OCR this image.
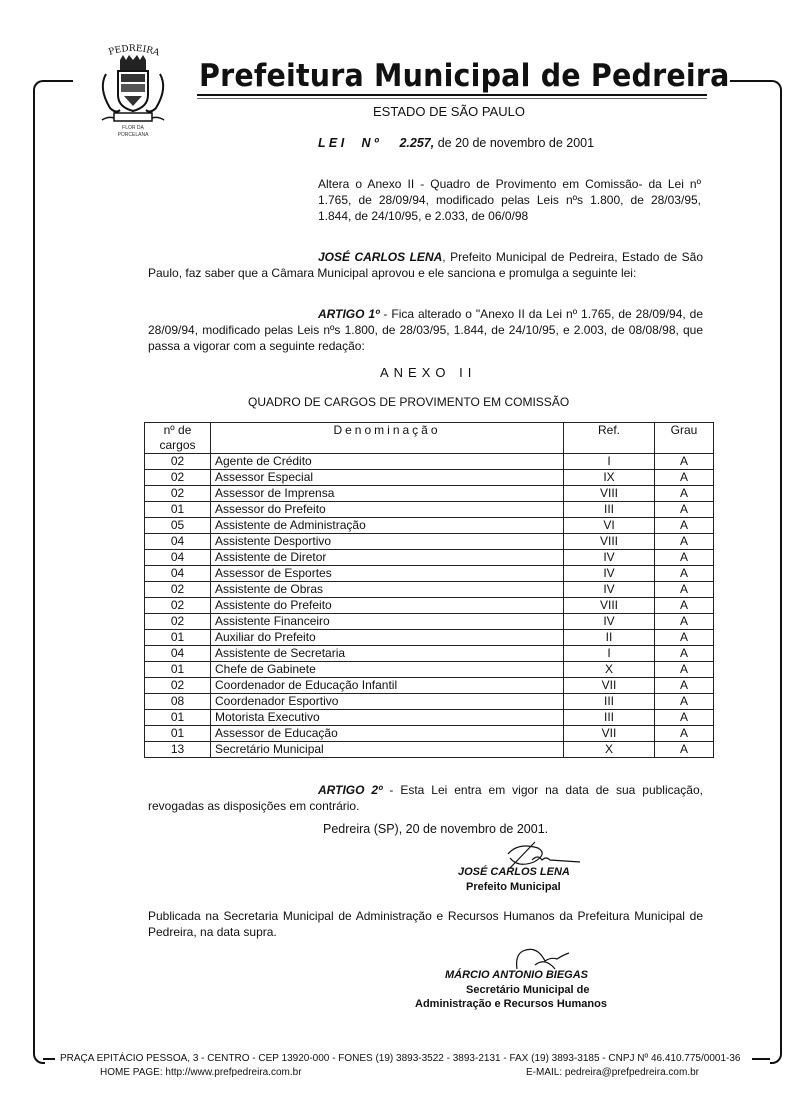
PEDREIRA
FLOR DA
PORCELANA
Prefeitura Municipal de Pedreira
ESTADO DE SÃO PAULO
L E I N º 2.257, de 20 de novembro de 2001
Altera o Anexo II - Quadro de Provimento em Comissão- da Lei nº 1.765, de 28/09/94, modificado pelas Leis nºs 1.800, de 28/03/95, 1.844, de 24/10/95, e 2.033, de 06/0/98
JOSÉ CARLOS LENA, Prefeito Municipal de Pedreira, Estado de São Paulo, faz saber que a Câmara Municipal aprovou e ele sanciona e promulga a seguinte lei:
ARTIGO 1º - Fica alterado o "Anexo II da Lei nº 1.765, de 28/09/94, de 28/09/94, modificado pelas Leis nºs 1.800, de 28/03/95, 1.844, de 24/10/95, e 2.003, de 08/08/98, que passa a vigorar com a seguinte redação:
ANEXO II
QUADRO DE CARGOS DE PROVIMENTO EM COMISSÃO
nº de cargos	Denominação	Ref.	Grau
02	Agente de Crédito	I	A
02	Assessor Especial	IX	A
02	Assessor de Imprensa	VIII	A
01	Assessor do Prefeito	III	A
05	Assistente de Administração	VI	A
04	Assistente Desportivo	VIII	A
04	Assistente de Diretor	IV	A
04	Assessor de Esportes	IV	A
02	Assistente de Obras	IV	A
02	Assistente do Prefeito	VIII	A
02	Assistente Financeiro	IV	A
01	Auxiliar do Prefeito	II	A
04	Assistente de Secretaria	I	A
01	Chefe de Gabinete	X	A
02	Coordenador de Educação Infantil	VII	A
08	Coordenador Esportivo	III	A
01	Motorista Executivo	III	A
01	Assessor de Educação	VII	A
13	Secretário Municipal	X	A
ARTIGO 2º - Esta Lei entra em vigor na data de sua publicação, revogadas as disposições em contrário.
Pedreira (SP), 20 de novembro de 2001.
JOSÉ CARLOS LENA
Prefeito Municipal
Publicada na Secretaria Municipal de Administração e Recursos Humanos da Prefeitura Municipal de Pedreira, na data supra.
MÁRCIO ANTONIO BIEGAS
Secretário Municipal de
Administração e Recursos Humanos
PRAÇA EPITÁCIO PESSOA, 3 - CENTRO - CEP 13920-000 - FONES (19) 3893-3522 - 3893-2131 - FAX (19) 3893-3185 - CNPJ Nº 46.410.775/0001-36
HOME PAGE: http://www.prefpedreira.com.br	E-MAIL: pedreira@prefpedreira.com.br
